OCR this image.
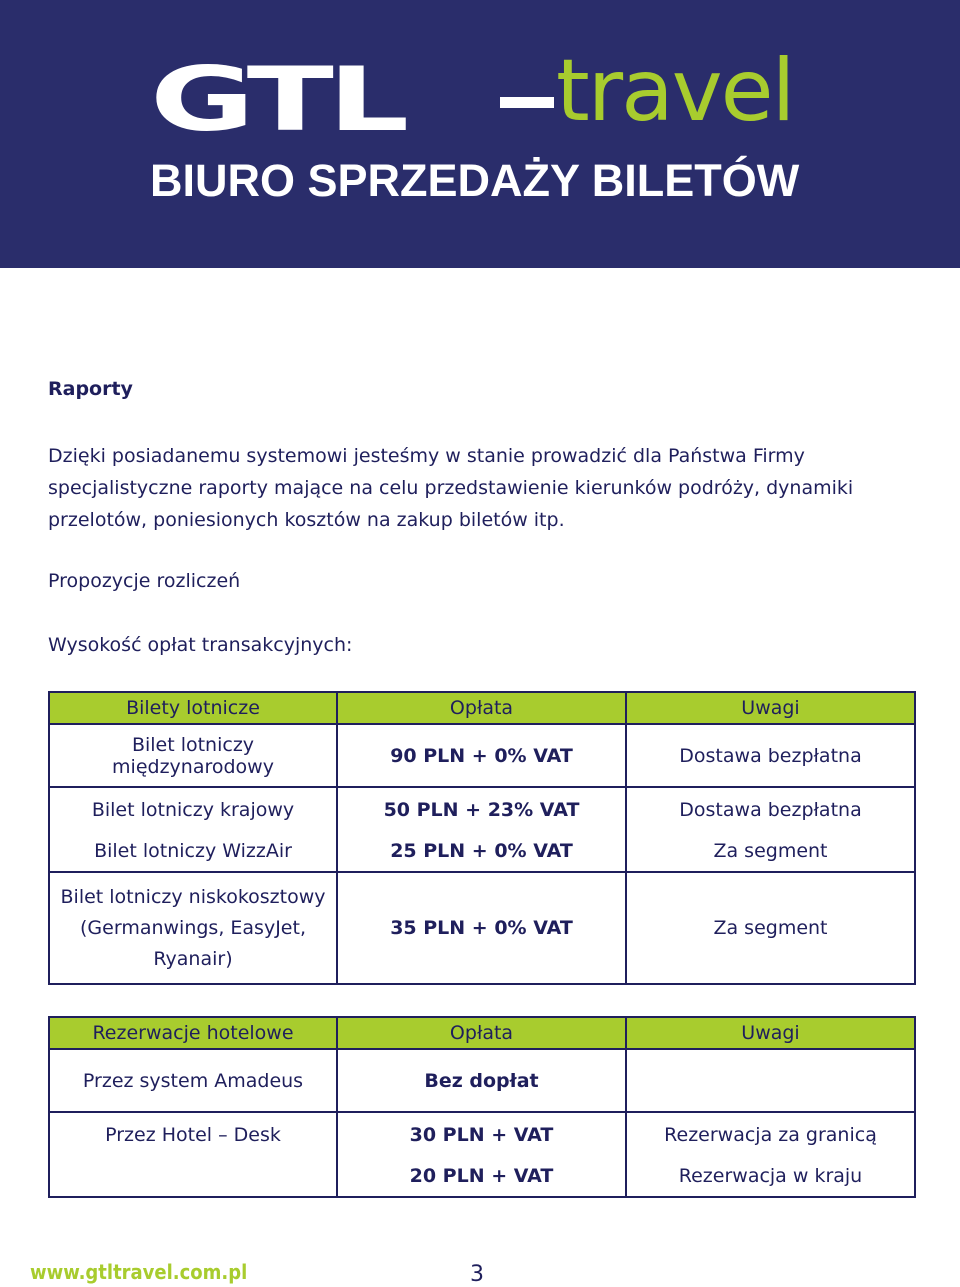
GTL travel
BIURO SPRZEDAŻY BILETÓW
Raporty
Dzięki posiadanemu systemowi jesteśmy w stanie prowadzić dla Państwa Firmy specjalistyczne raporty mające na celu przedstawienie kierunków podróży, dynamiki przelotów, poniesionych kosztów na zakup biletów itp.
Propozycje rozliczeń
Wysokość opłat transakcyjnych:
Bilety lotnicze	Opłata	Uwagi
Bilet lotniczy międzynarodowy	90 PLN + 0% VAT	Dostawa bezpłatna
Bilet lotniczy krajowy	50 PLN + 23% VAT	Dostawa bezpłatna
Bilet lotniczy WizzAir	25 PLN + 0% VAT	Za segment

Bilet lotniczy niskokosztowy
(Germanwings, EasyJet, Ryanair)	35 PLN + 0% VAT	Za segment
Rezerwacje hotelowe	Opłata	Uwagi
Przez system Amadeus	Bez dopłat	
Przez Hotel – Desk	30 PLN + VAT	Rezerwacja za granicą
	20 PLN + VAT	Rezerwacja w kraju
www.gtltravel.com.pl	3
